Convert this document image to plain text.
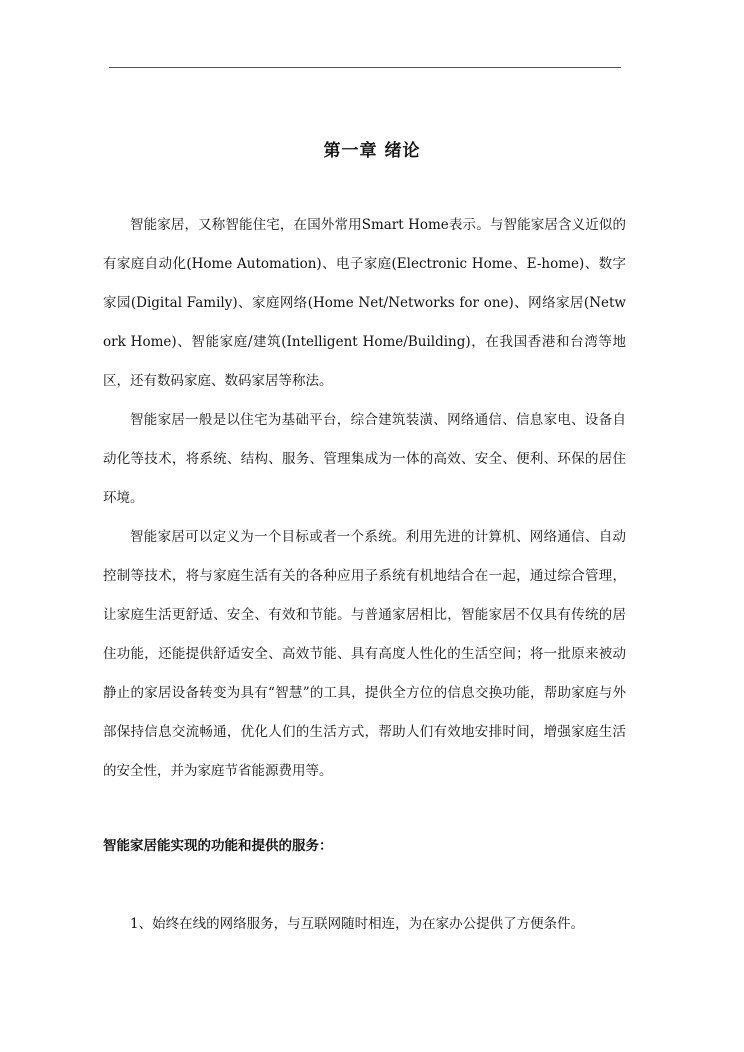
第一章 绪论

智能家居，又称智能住宅，在国外常用Smart Home表示。与智能家居含义近似的有家庭自动化(Home Automation)、电子家庭(Electronic Home、E-home)、数字家园(Digital Family)、家庭网络(Home Net/Networks for one)、网络家居(Network Home)、智能家庭/建筑(Intelligent Home/Building)，在我国香港和台湾等地区，还有数码家庭、数码家居等称法。

智能家居一般是以住宅为基础平台，综合建筑装潢、网络通信、信息家电、设备自动化等技术，将系统、结构、服务、管理集成为一体的高效、安全、便利、环保的居住环境。

智能家居可以定义为一个目标或者一个系统。利用先进的计算机、网络通信、自动控制等技术，将与家庭生活有关的各种应用子系统有机地结合在一起，通过综合管理，让家庭生活更舒适、安全、有效和节能。与普通家居相比，智能家居不仅具有传统的居住功能，还能提供舒适安全、高效节能、具有高度人性化的生活空间；将一批原来被动静止的家居设备转变为具有“智慧”的工具，提供全方位的信息交换功能，帮助家庭与外部保持信息交流畅通，优化人们的生活方式，帮助人们有效地安排时间，增强家庭生活的安全性，并为家庭节省能源费用等。

智能家居能实现的功能和提供的服务：
1、始终在线的网络服务，与互联网随时相连，为在家办公提供了方便条件。
